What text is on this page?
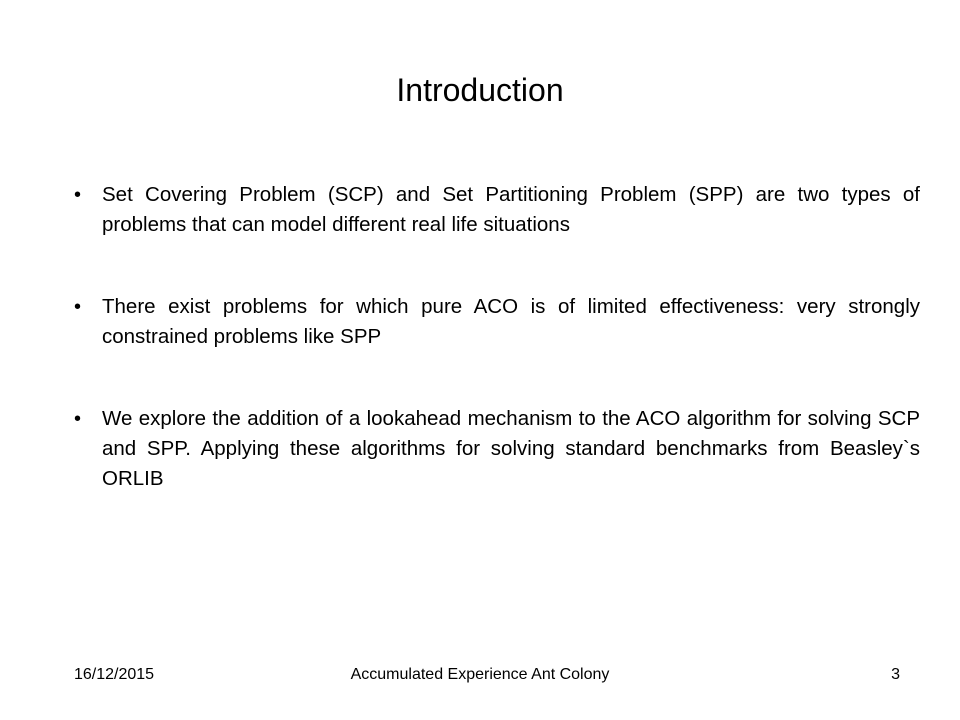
Introduction
• Set Covering Problem (SCP) and Set Partitioning Problem (SPP) are two types of problems that can model different real life situations
• There exist problems for which pure ACO is of limited effectiveness: very strongly constrained problems like SPP
• We explore the addition of a lookahead mechanism to the ACO algorithm for solving SCP and SPP. Applying these algorithms for solving standard benchmarks from Beasley`s ORLIB
16/12/2015	Accumulated Experience Ant Colony	3
